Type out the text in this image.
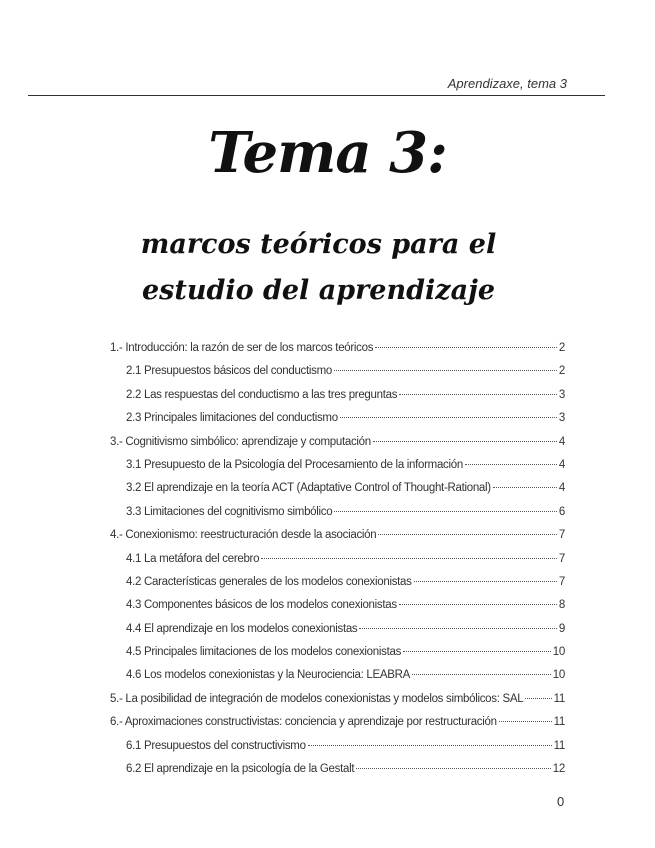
Aprendizaxe, tema 3
Tema 3:
marcos teóricos para el estudio del aprendizaje
1.- Introducción: la razón de ser de los marcos teóricos	2
2.1 Presupuestos básicos del conductismo	2
2.2 Las respuestas del conductismo a las tres preguntas	3
2.3 Principales limitaciones del conductismo	3
3.- Cognitivismo simbólico: aprendizaje y computación	4
3.1 Presupuesto de la Psicología del Procesamiento de la información	4
3.2 El aprendizaje en la teoría ACT (Adaptative Control of Thought-Rational)	4
3.3 Limitaciones del cognitivismo simbólico	6
4.- Conexionismo: reestructuración desde la asociación	7
4.1 La metáfora del cerebro	7
4.2 Características generales de los modelos conexionistas	7
4.3 Componentes básicos de los modelos conexionistas	8
4.4 El aprendizaje en los modelos conexionistas	9
4.5 Principales limitaciones de los modelos conexionistas	10
4.6 Los modelos conexionistas y la Neurociencia: LEABRA	10
5.- La posibilidad de integración de modelos conexionistas y modelos simbólicos: SAL	11
6.- Aproximaciones constructivistas: conciencia y aprendizaje por restructuración	11
6.1 Presupuestos del constructivismo	11
6.2 El aprendizaje en la psicología de la Gestalt	12
0
